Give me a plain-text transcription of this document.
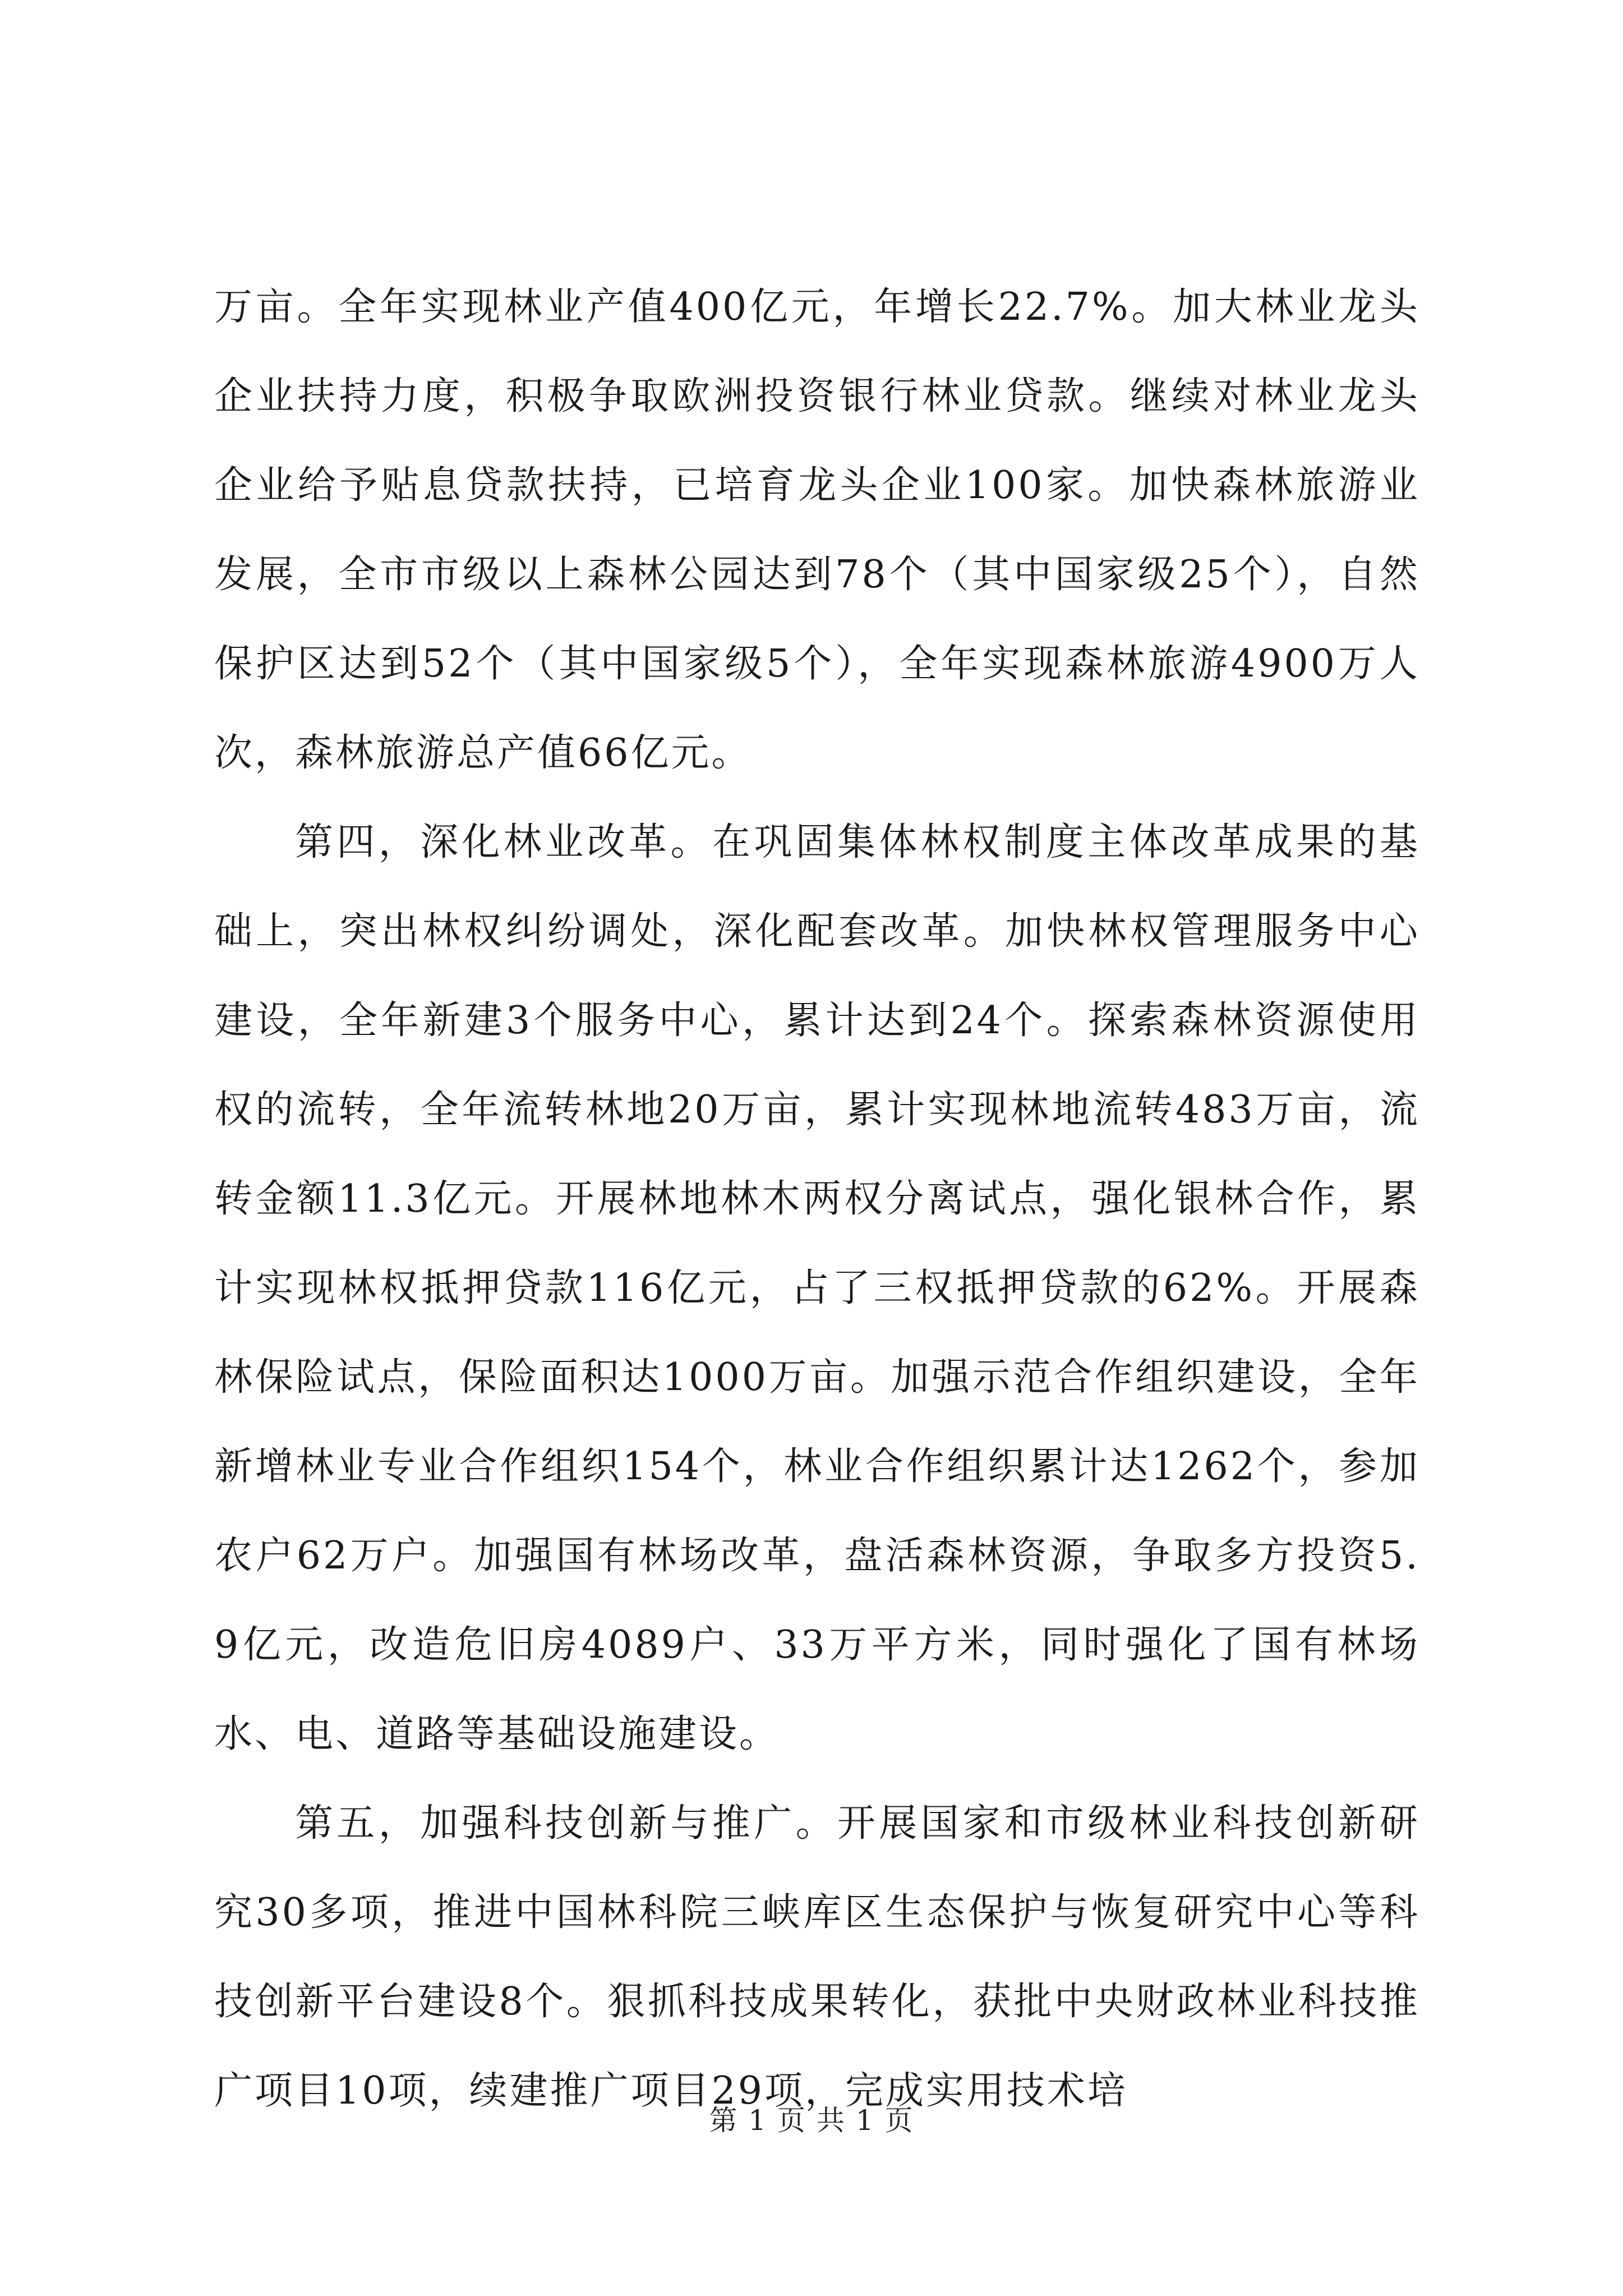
万亩。全年实现林业产值400亿元，年增长22.7%。加大林业龙头企业扶持力度，积极争取欧洲投资银行林业贷款。继续对林业龙头企业给予贴息贷款扶持，已培育龙头企业100家。加快森林旅游业发展，全市市级以上森林公园达到78个（其中国家级25个），自然保护区达到52个（其中国家级5个），全年实现森林旅游4900万人次，森林旅游总产值66亿元。

第四，深化林业改革。在巩固集体林权制度主体改革成果的基础上，突出林权纠纷调处，深化配套改革。加快林权管理服务中心建设，全年新建3个服务中心，累计达到24个。探索森林资源使用权的流转，全年流转林地20万亩，累计实现林地流转483万亩，流转金额11.3亿元。开展林地林木两权分离试点，强化银林合作，累计实现林权抵押贷款116亿元，占了三权抵押贷款的62%。开展森林保险试点，保险面积达1000万亩。加强示范合作组织建设，全年新增林业专业合作组织154个，林业合作组织累计达1262个，参加农户62万户。加强国有林场改革，盘活森林资源，争取多方投资5.9亿元，改造危旧房4089户、33万平方米，同时强化了国有林场水、电、道路等基础设施建设。

第五，加强科技创新与推广。开展国家和市级林业科技创新研究30多项，推进中国林科院三峡库区生态保护与恢复研究中心等科技创新平台建设8个。狠抓科技成果转化，获批中央财政林业科技推广项目10项，续建推广项目29项，完成实用技术培

第 1 页 共 1 页
